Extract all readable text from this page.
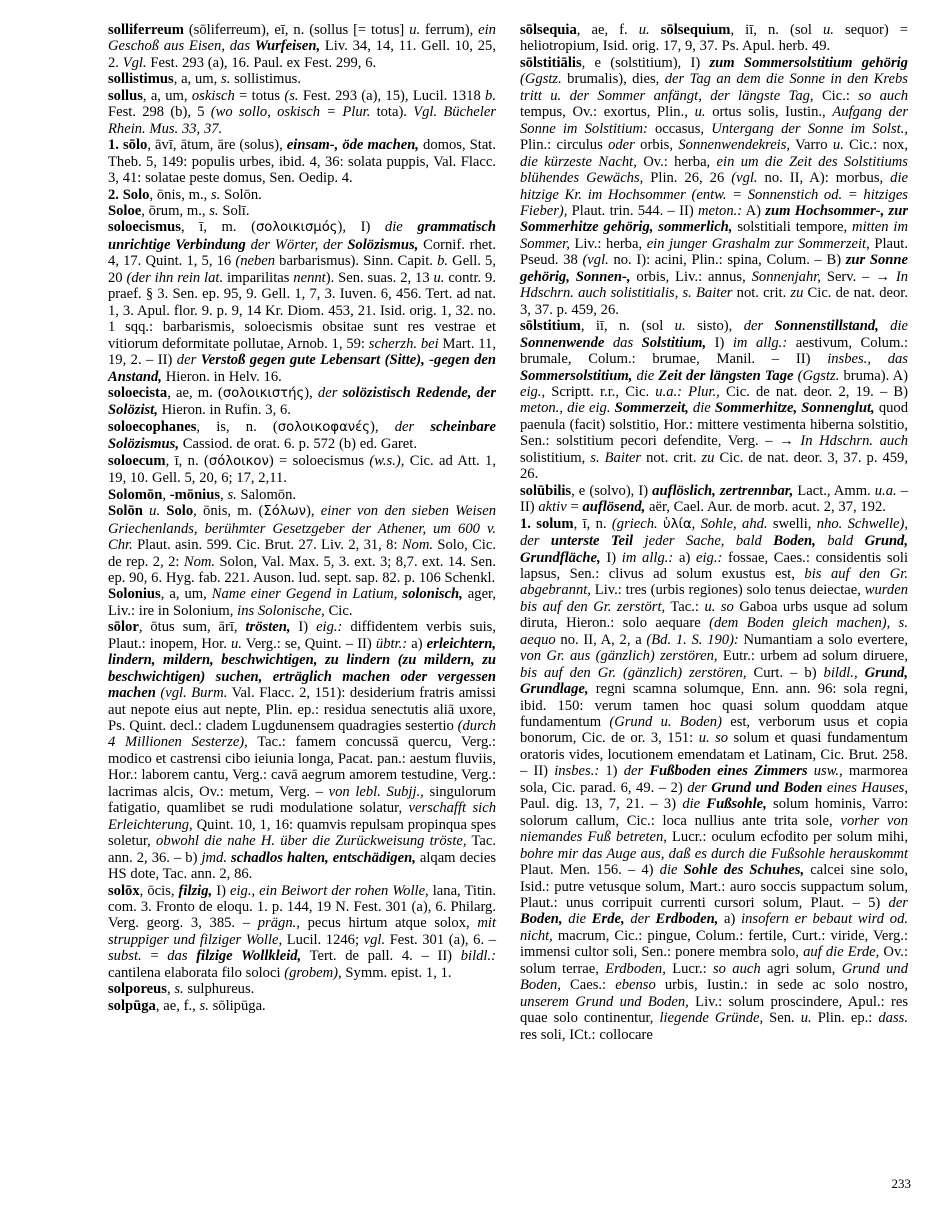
solliferreum (sōliferreum), eī, n. (sollus [= totus] u. ferrum), ein Geschoß aus Eisen, das Wurfeisen, Liv. 34, 14, 11. Gell. 10, 25, 2. Vgl. Fest. 293 (a), 16. Paul. ex Fest. 299, 6.

sollistimus, a, um, s. sollistimus.

sollus, a, um, oskisch = totus (s. Fest. 293 (a), 15), Lucil. 1318 b. Fest. 298 (b), 5 (wo sollo, oskisch = Plur. tota). Vgl. Bücheler Rhein. Mus. 33, 37.

1. sōlo, āvī, ātum, āre (solus), einsam-, öde machen, domos, Stat. Theb. 5, 149: populis urbes, ibid. 4, 36: solata puppis, Val. Flacc. 3, 41: solatae peste domus, Sen. Oedip. 4.

2. Solo, ōnis, m., s. Solōn.

Soloe, ōrum, m., s. Solī.

soloecismus, ī, m. (σολοικισμός), I) die grammatisch unrichtige Verbindung der Wörter, der Solözismus, Cornif. rhet. 4, 17. Quint. 1, 5, 16 (neben barbarismus). Sinn. Capit. b. Gell. 5, 20 (der ihn rein lat. imparilitas nennt). Sen. suas. 2, 13 u. contr. 9. praef. § 3. Sen. ep. 95, 9. Gell. 1, 7, 3. Iuven. 6, 456. Tert. ad nat. 1, 3. Apul. flor. 9. p. 9, 14 Kr. Diom. 453, 21. Isid. orig. 1, 32. no. 1 sqq.: barbarismis, soloecismis obsitae sunt res vestrae et vitiorum deformitate pollutae, Arnob. 1, 59: scherzh. bei Mart. 11, 19, 2. – II) der Verstoß gegen gute Lebensart (Sitte), -gegen den Anstand, Hieron. in Helv. 16.

soloecista, ae, m. (σολοικιστής), der solözistisch Redende, der Solözist, Hieron. in Rufin. 3, 6.

soloecophanes, is, n. (σολοικοφανές), der scheinbare Solözismus, Cassiod. de orat. 6. p. 572 (b) ed. Garet.

soloecum, ī, n. (σόλοικον) = soloecismus (w.s.), Cic. ad Att. 1, 19, 10. Gell. 5, 20, 6; 17, 2,11.

Solomōn, -mōnius, s. Salomōn.

Solōn u. Solo, ōnis, m. (Σόλων), einer von den sieben Weisen Griechenlands, berühmter Gesetzgeber der Athener, um 600 v. Chr. Plaut. asin. 599. Cic. Brut. 27. Liv. 2, 31, 8: Nom. Solo, Cic. de rep. 2, 2: Nom. Solon, Val. Max. 5, 3. ext. 3; 8,7. ext. 14. Sen. ep. 90, 6. Hyg. fab. 221. Auson. lud. sept. sap. 82. p. 106 Schenkl.

Solonius, a, um, Name einer Gegend in Latium, solonisch, ager, Liv.: ire in Solonium, ins Solonische, Cic.

sōlor, ōtus sum, ārī, trösten, I) eig.: diffidentem verbis suis, Plaut.: inopem, Hor. u. Verg.: se, Quint. – II) übtr.: a) erleichtern, lindern, mildern, beschwichtigen, zu lindern (zu mildern, zu beschwichtigen) suchen, erträglich machen oder vergessen machen (vgl. Burm. Val. Flacc. 2, 151): desiderium fratris amissi aut nepote eius aut nepte, Plin. ep.: residua senectutis aliā uxore, Ps. Quint. decl.: cladem Lugdunensem quadragies sestertio (durch 4 Millionen Sesterze), Tac.: famem concussā quercu, Verg.: modico et castrensi cibo ieiunia longa, Pacat. pan.: aestum fluviis, Hor.: laborem cantu, Verg.: cavā aegrum amorem testudine, Verg.: lacrimas alcis, Ov.: metum, Verg. – von lebl. Subjj., singulorum fatigatio, quamlibet se rudi modulatione solatur, verschafft sich Erleichterung, Quint. 10, 1, 16: quamvis repulsam propinqua spes soletur, obwohl die nahe H. über die Zurückweisung tröste, Tac. ann. 2, 36. – b) jmd. schadlos halten, entschädigen, alqam decies HS dote, Tac. ann. 2, 86.

solōx, ōcis, filzig, I) eig., ein Beiwort der rohen Wolle, lana, Titin. com. 3. Fronto de eloqu. 1. p. 144, 19 N. Fest. 301 (a), 6. Philarg. Verg. georg. 3, 385. – prägn., pecus hirtum atque solox, mit struppiger und filziger Wolle, Lucil. 1246; vgl. Fest. 301 (a), 6. – subst. = das filzige Wollkleid, Tert. de pall. 4. – II) bildl.: cantilena elaborata filo soloci (grobem), Symm. epist. 1, 1.

solporeus, s. sulphureus.

solpūga, ae, f., s. sōlipūga.

sōlsequia, ae, f. u. sōlsequium, iī, n. (sol u. sequor) = heliotropium, Isid. orig. 17, 9, 37. Ps. Apul. herb. 49.

sōlstitiālis, e (solstitium), I) zum Sommersolstitium gehörig (Ggstz. brumalis), dies, der Tag an dem die Sonne in den Krebs tritt u. der Sommer anfängt, der längste Tag, Cic.: so auch tempus, Ov.: exortus, Plin., u. ortus solis, Iustin., Aufgang der Sonne im Solstitium: occasus, Untergang der Sonne im Solst., Plin.: circulus oder orbis, Sonnenwendekreis, Varro u. Cic.: nox, die kürzeste Nacht, Ov.: herba, ein um die Zeit des Solstitiums blühendes Gewächs, Plin. 26, 26 (vgl. no. II, A): morbus, die hitzige Kr. im Hochsommer (entw. = Sonnenstich od. = hitziges Fieber), Plaut. trin. 544. – II) meton.: A) zum Hochsommer-, zur Sommerhitze gehörig, sommerlich, solstitiali tempore, mitten im Sommer, Liv.: herba, ein junger Grashalm zur Sommerzeit, Plaut. Pseud. 38 (vgl. no. I): acini, Plin.: spina, Colum. – B) zur Sonne gehörig, Sonnen-, orbis, Liv.: annus, Sonnenjahr, Serv. – → In Hdschrn. auch solistitialis, s. Baiter not. crit. zu Cic. de nat. deor. 3, 37. p. 459, 26.

sōlstitium, iī, n. (sol u. sisto), der Sonnenstillstand, die Sonnenwende das Solstitium, I) im allg.: aestivum, Colum.: brumale, Colum.: brumae, Manil. – II) insbes., das Sommersolstitium, die Zeit der längsten Tage (Ggstz. bruma). A) eig., Scriptt. r.r., Cic. u.a.: Plur., Cic. de nat. deor. 2, 19. – B) meton., die eig. Sommerzeit, die Sommerhitze, Sonnenglut, quod paenula (facit) solstitio, Hor.: mittere vestimenta hiberna solstitio, Sen.: solstitium pecori defendite, Verg. – → In Hdschrn. auch solistitium, s. Baiter not. crit. zu Cic. de nat. deor. 3, 37. p. 459, 26.

solūbilis, e (solvo), I) auflöslich, zertrennbar, Lact., Amm. u.a. – II) aktiv = auflösend, aër, Cael. Aur. de morb. acut. 2, 37, 192.

1. solum, ī, n. (griech. ὑλία, Sohle, ahd. swelli, nho. Schwelle), der unterste Teil jeder Sache, bald Boden, bald Grund, Grundfläche, I) im allg.: a) eig.: fossae, Caes.: considentis soli lapsus, Sen.: clivus ad solum exustus est, bis auf den Gr. abgebrannt, Liv.: tres (urbis regiones) solo tenus deiectae, wurden bis auf den Gr. zerstört, Tac.: u. so Gaboa urbs usque ad solum diruta, Hieron.: solo aequare (dem Boden gleich machen), s. aequo no. II, A, 2, a (Bd. 1. S. 190): Numantiam a solo evertere, von Gr. aus (gänzlich) zerstören, Eutr.: urbem ad solum diruere, bis auf den Gr. (gänzlich) zerstören, Curt. – b) bildl., Grund, Grundlage, regni scamna solumque, Enn. ann. 96: sola regni, ibid. 150: verum tamen hoc quasi solum quoddam atque fundamentum (Grund u. Boden) est, verborum usus et copia bonorum, Cic. de or. 3, 151: u. so solum et quasi fundamentum oratoris vides, locutionem emendatam et Latinam, Cic. Brut. 258. – II) insbes.: 1) der Fußboden eines Zimmers usw., marmorea sola, Cic. parad. 6, 49. – 2) der Grund und Boden eines Hauses, Paul. dig. 13, 7, 21. – 3) die Fußsohle, solum hominis, Varro: solorum callum, Cic.: loca nullius ante trita sole, vorher von niemandes Fuß betreten, Lucr.: oculum ecfodito per solum mihi, bohre mir das Auge aus, daß es durch die Fußsohle herauskommt Plaut. Men. 156. – 4) die Sohle des Schuhes, calcei sine solo, Isid.: putre vetusque solum, Mart.: auro soccis suppactum solum, Plaut.: unus corripuit currenti cursori solum, Plaut. – 5) der Boden, die Erde, der Erdboden, a) insofern er bebaut wird od. nicht, macrum, Cic.: pingue, Colum.: fertile, Curt.: viride, Verg.: immensi cultor soli, Sen.: ponere membra solo, auf die Erde, Ov.: solum terrae, Erdboden, Lucr.: so auch agri solum, Grund und Boden, Caes.: ebenso urbis, Iustin.: in sede ac solo nostro, unserem Grund und Boden, Liv.: solum proscindere, Apul.: res quae solo continentur, liegende Gründe, Sen. u. Plin. ep.: dass. res soli, ICt.: collocare

233
